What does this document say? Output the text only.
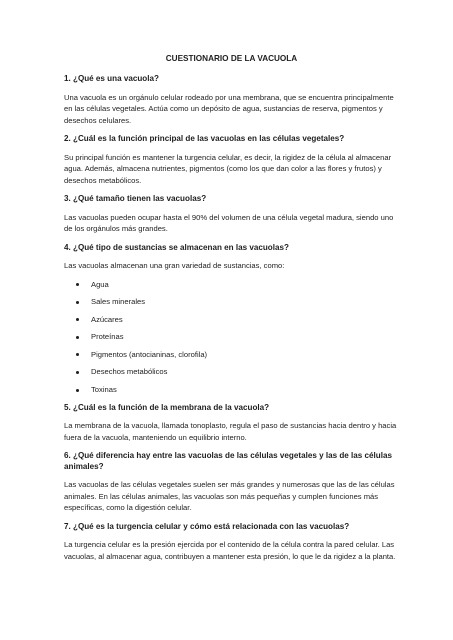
CUESTIONARIO DE LA VACUOLA

1. ¿Qué es una vacuola?

Una vacuola es un orgánulo celular rodeado por una membrana, que se encuentra principalmente en las células vegetales. Actúa como un depósito de agua, sustancias de reserva, pigmentos y desechos celulares.

2. ¿Cuál es la función principal de las vacuolas en las células vegetales?

Su principal función es mantener la turgencia celular, es decir, la rigidez de la célula al almacenar agua. Además, almacena nutrientes, pigmentos (como los que dan color a las flores y frutos) y desechos metabólicos.

3. ¿Qué tamaño tienen las vacuolas?

Las vacuolas pueden ocupar hasta el 90% del volumen de una célula vegetal madura, siendo uno de los orgánulos más grandes.

4. ¿Qué tipo de sustancias se almacenan en las vacuolas?

Las vacuolas almacenan una gran variedad de sustancias, como:

Agua
Sales minerales
Azúcares
Proteínas
Pigmentos (antocianinas, clorofila)
Desechos metabólicos
Toxinas

5. ¿Cuál es la función de la membrana de la vacuola?

La membrana de la vacuola, llamada tonoplasto, regula el paso de sustancias hacia dentro y hacia fuera de la vacuola, manteniendo un equilibrio interno.

6. ¿Qué diferencia hay entre las vacuolas de las células vegetales y las de las células animales?

Las vacuolas de las células vegetales suelen ser más grandes y numerosas que las de las células animales. En las células animales, las vacuolas son más pequeñas y cumplen funciones más específicas, como la digestión celular.

7. ¿Qué es la turgencia celular y cómo está relacionada con las vacuolas?

La turgencia celular es la presión ejercida por el contenido de la célula contra la pared celular. Las vacuolas, al almacenar agua, contribuyen a mantener esta presión, lo que le da rigidez a la planta.
